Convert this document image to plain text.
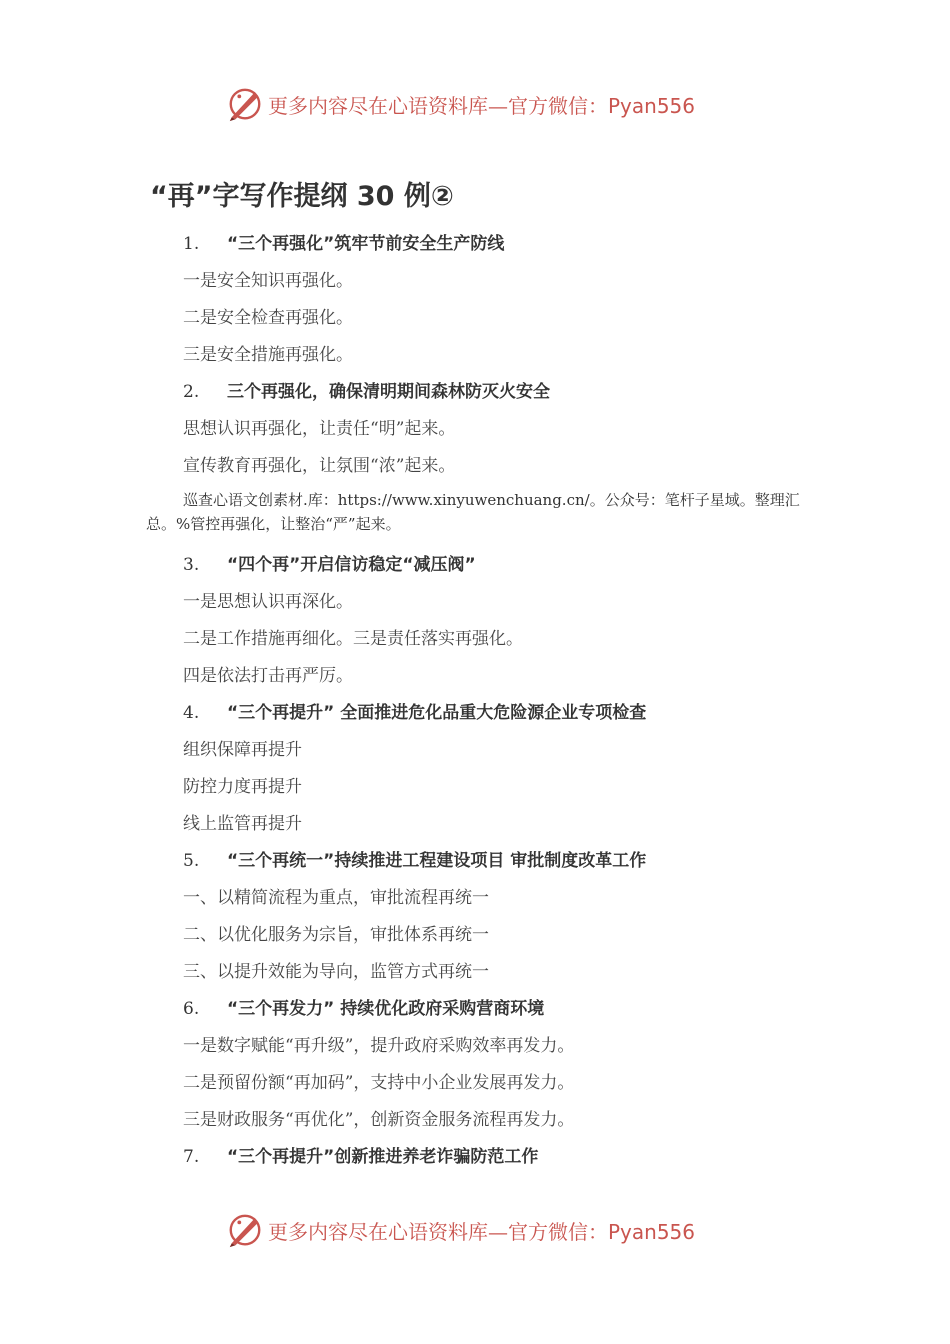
更多内容尽在心语资料库—官方微信：Pyan556
“再”字写作提纲 30 例②
1. “三个再强化”筑牢节前安全生产防线
一是安全知识再强化。
二是安全检查再强化。
三是安全措施再强化。
2. 三个再强化，确保清明期间森林防灭火安全
思想认识再强化，让责任“明”起来。
宣传教育再强化，让氛围“浓”起来。

巡查心语文创素材.库：https://www.xinyuwenchuang.cn/。公众号：笔杆子星域。整理汇总。%管控再强化，让整治“严”起来。

3. “四个再”开启信访稳定“减压阀”
一是思想认识再深化。
二是工作措施再细化。三是责任落实再强化。
四是依法打击再严厉。
4. “三个再提升” 全面推进危化品重大危险源企业专项检查
组织保障再提升
防控力度再提升
线上监管再提升
5. “三个再统一”持续推进工程建设项目 审批制度改革工作
一、以精简流程为重点，审批流程再统一
二、以优化服务为宗旨，审批体系再统一
三、以提升效能为导向，监管方式再统一
6. “三个再发力” 持续优化政府采购营商环境
一是数字赋能“再升级”，提升政府采购效率再发力。
二是预留份额“再加码”，支持中小企业发展再发力。
三是财政服务“再优化”，创新资金服务流程再发力。
7. “三个再提升”创新推进养老诈骗防范工作
更多内容尽在心语资料库—官方微信：Pyan556
